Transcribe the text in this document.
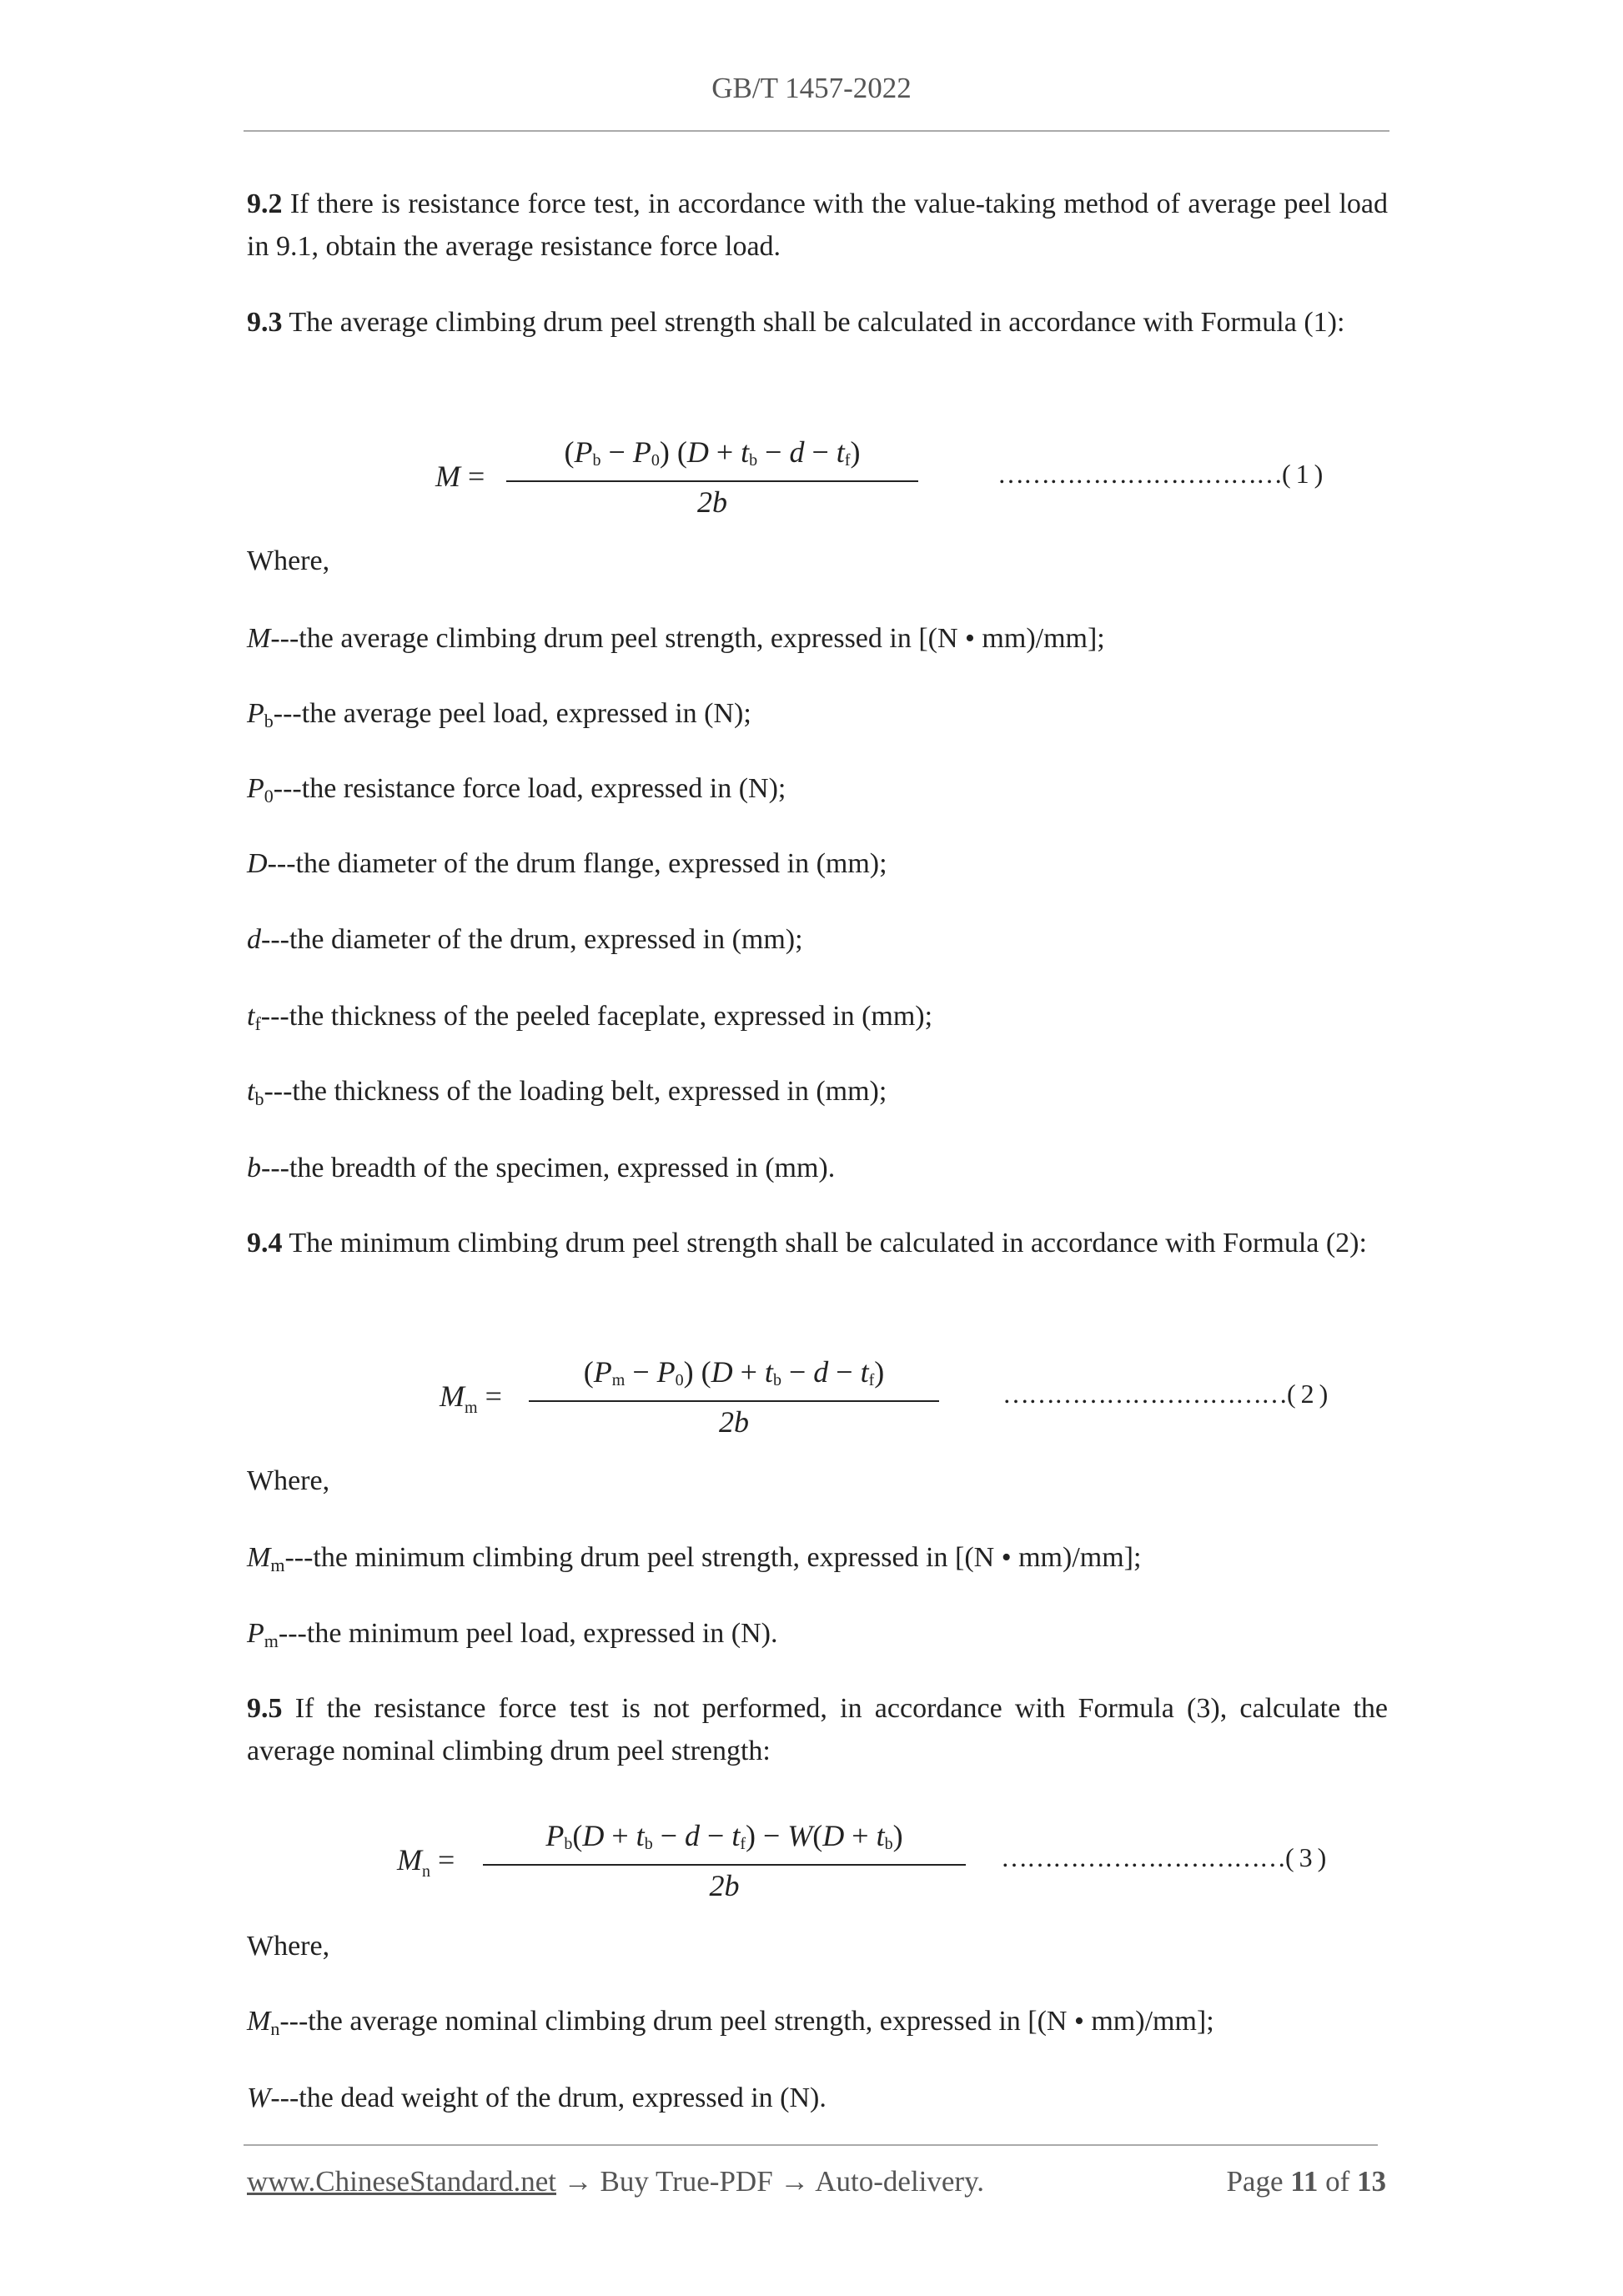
GB/T 1457-2022
9.2 If there is resistance force test, in accordance with the value-taking method of average peel load in 9.1, obtain the average resistance force load.
9.3 The average climbing drum peel strength shall be calculated in accordance with Formula (1):
M =
$(P_b - P_0) (D + t_b - d - t_f)$
2b
……………………………( 1 )
Where,
M---the average climbing drum peel strength, expressed in [(N • mm)/mm];
$P_b--$-the average peel load, expressed in (N);
$P_0--$-the resistance force load, expressed in (N);
D---the diameter of the drum flange, expressed in (mm);
d---the diameter of the drum, expressed in (mm);
$t_f--$-the thickness of the peeled faceplate, expressed in (mm);
$t_b--$-the thickness of the loading belt, expressed in (mm);
b---the breadth of the specimen, expressed in (mm).
9.4 The minimum climbing drum peel strength shall be calculated in accordance with Formula (2):
$M_m$ =
$(P_m - P_0) (D + t_b - d - t_f)$
2b
……………………………( 2 )
Where,
$M_m--$-the minimum climbing drum peel strength, expressed in [(N • mm)/mm];
$P_m--$-the minimum peel load, expressed in (N).
9.5 If the resistance force test is not performed, in accordance with Formula (3), calculate the average nominal climbing drum peel strength:
$M_n$ =
$P_b(D + t_b - d - t_f) - W(D + t_b)$
2b
……………………………( 3 )
Where,
$M_n--$-the average nominal climbing drum peel strength, expressed in [(N • mm)/mm];
W---the dead weight of the drum, expressed in (N).
www.ChineseStandard.net → Buy True-PDF → Auto-delivery.	Page 11 of 13
